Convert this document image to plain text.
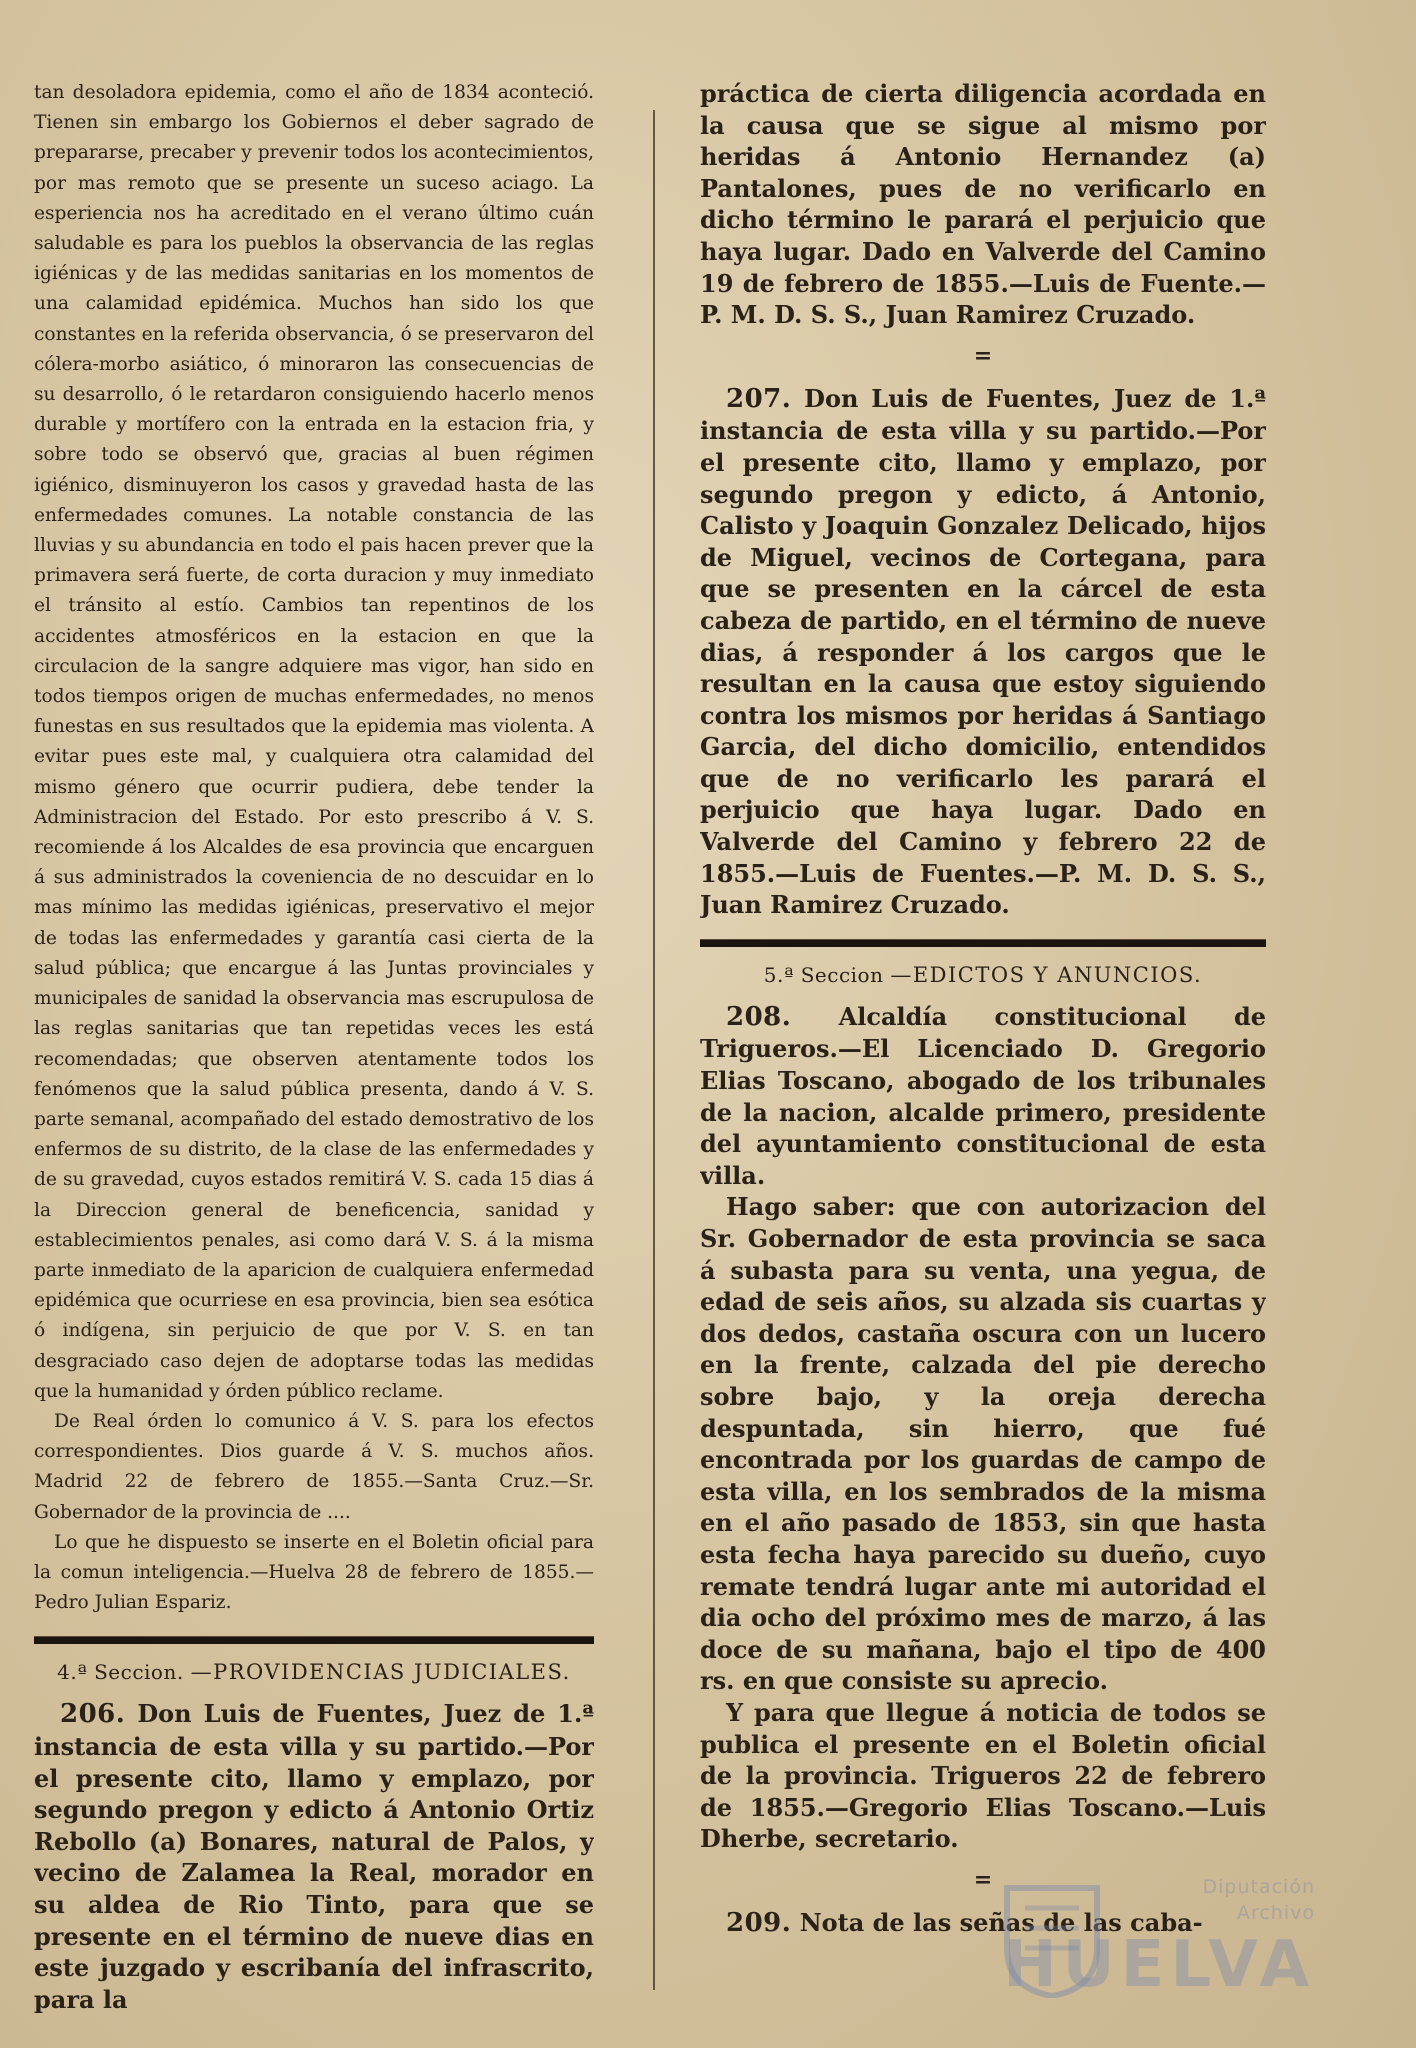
tan desoladora epidemia, como el año de 1834 aconteció. Tienen sin embargo los Gobiernos el deber sagrado de prepararse, precaber y prevenir todos los acontecimientos, por mas remoto que se presente un suceso aciago. La esperiencia nos ha acreditado en el verano último cuán saludable es para los pueblos la observancia de las reglas igiénicas y de las medidas sanitarias en los momentos de una calamidad epidémica. Muchos han sido los que constantes en la referida observancia, ó se preservaron del cólera-morbo asiático, ó minoraron las consecuencias de su desarrollo, ó le retardaron consiguiendo hacerlo menos durable y mortífero con la entrada en la estacion fria, y sobre todo se observó que, gracias al buen régimen igiénico, disminuyeron los casos y gravedad hasta de las enfermedades comunes. La notable constancia de las lluvias y su abundancia en todo el pais hacen prever que la primavera será fuerte, de corta duracion y muy inmediato el tránsito al estío. Cambios tan repentinos de los accidentes atmosféricos en la estacion en que la circulacion de la sangre adquiere mas vigor, han sido en todos tiempos origen de muchas enfermedades, no menos funestas en sus resultados que la epidemia mas violenta. A evitar pues este mal, y cualquiera otra calamidad del mismo género que ocurrir pudiera, debe tender la Administracion del Estado. Por esto prescribo á V. S. recomiende á los Alcaldes de esa provincia que encarguen á sus administrados la coveniencia de no descuidar en lo mas mínimo las medidas igiénicas, preservativo el mejor de todas las enfermedades y garantía casi cierta de la salud pública; que encargue á las Juntas provinciales y municipales de sanidad la observancia mas escrupulosa de las reglas sanitarias que tan repetidas veces les está recomendadas; que observen atentamente todos los fenómenos que la salud pública presenta, dando á V. S. parte semanal, acompañado del estado demostrativo de los enfermos de su distrito, de la clase de las enfermedades y de su gravedad, cuyos estados remitirá V. S. cada 15 dias á la Direccion general de beneficencia, sanidad y establecimientos penales, asi como dará V. S. á la misma parte inmediato de la aparicion de cualquiera enfermedad epidémica que ocurriese en esa provincia, bien sea esótica ó indígena, sin perjuicio de que por V. S. en tan desgraciado caso dejen de adoptarse todas las medidas que la humanidad y órden público reclame.

De Real órden lo comunico á V. S. para los efectos correspondientes. Dios guarde á V. S. muchos años. Madrid 22 de febrero de 1855.—Santa Cruz.—Sr. Gobernador de la provincia de ....

Lo que he dispuesto se inserte en el Boletin oficial para la comun inteligencia.—Huelva 28 de febrero de 1855.—Pedro Julian Espariz.

4.ª Seccion. —PROVIDENCIAS JUDICIALES.

206. Don Luis de Fuentes, Juez de 1.ª instancia de esta villa y su partido.—Por el presente cito, llamo y emplazo, por segundo pregon y edicto á Antonio Ortiz Rebollo (a) Bonares, natural de Palos, y vecino de Zalamea la Real, morador en su aldea de Rio Tinto, para que se presente en el término de nueve dias en este juzgado y escribanía del infrascrito, para la

práctica de cierta diligencia acordada en la causa que se sigue al mismo por heridas á Antonio Hernandez (a) Pantalones, pues de no verificarlo en dicho término le parará el perjuicio que haya lugar. Dado en Valverde del Camino 19 de febrero de 1855.—Luis de Fuente.—P. M. D. S. S., Juan Ramirez Cruzado.

=

207. Don Luis de Fuentes, Juez de 1.ª instancia de esta villa y su partido.—Por el presente cito, llamo y emplazo, por segundo pregon y edicto, á Antonio, Calisto y Joaquin Gonzalez Delicado, hijos de Miguel, vecinos de Cortegana, para que se presenten en la cárcel de esta cabeza de partido, en el término de nueve dias, á responder á los cargos que le resultan en la causa que estoy siguiendo contra los mismos por heridas á Santiago Garcia, del dicho domicilio, entendidos que de no verificarlo les parará el perjuicio que haya lugar. Dado en Valverde del Camino y febrero 22 de 1855.—Luis de Fuentes.—P. M. D. S. S., Juan Ramirez Cruzado.

5.ª Seccion —EDICTOS Y ANUNCIOS.

208. Alcaldía constitucional de Trigueros.—El Licenciado D. Gregorio Elias Toscano, abogado de los tribunales de la nacion, alcalde primero, presidente del ayuntamiento constitucional de esta villa.

Hago saber: que con autorizacion del Sr. Gobernador de esta provincia se saca á subasta para su venta, una yegua, de edad de seis años, su alzada sis cuartas y dos dedos, castaña oscura con un lucero en la frente, calzada del pie derecho sobre bajo, y la oreja derecha despuntada, sin hierro, que fué encontrada por los guardas de campo de esta villa, en los sembrados de la misma en el año pasado de 1853, sin que hasta esta fecha haya parecido su dueño, cuyo remate tendrá lugar ante mi autoridad el dia ocho del próximo mes de marzo, á las doce de su mañana, bajo el tipo de 400 rs. en que consiste su aprecio.

Y para que llegue á noticia de todos se publica el presente en el Boletin oficial de la provincia. Trigueros 22 de febrero de 1855.—Gregorio Elias Toscano.—Luis Dherbe, secretario.

=

209. Nota de las señas de las caba-

Diputación
Archivo
HUELVA
